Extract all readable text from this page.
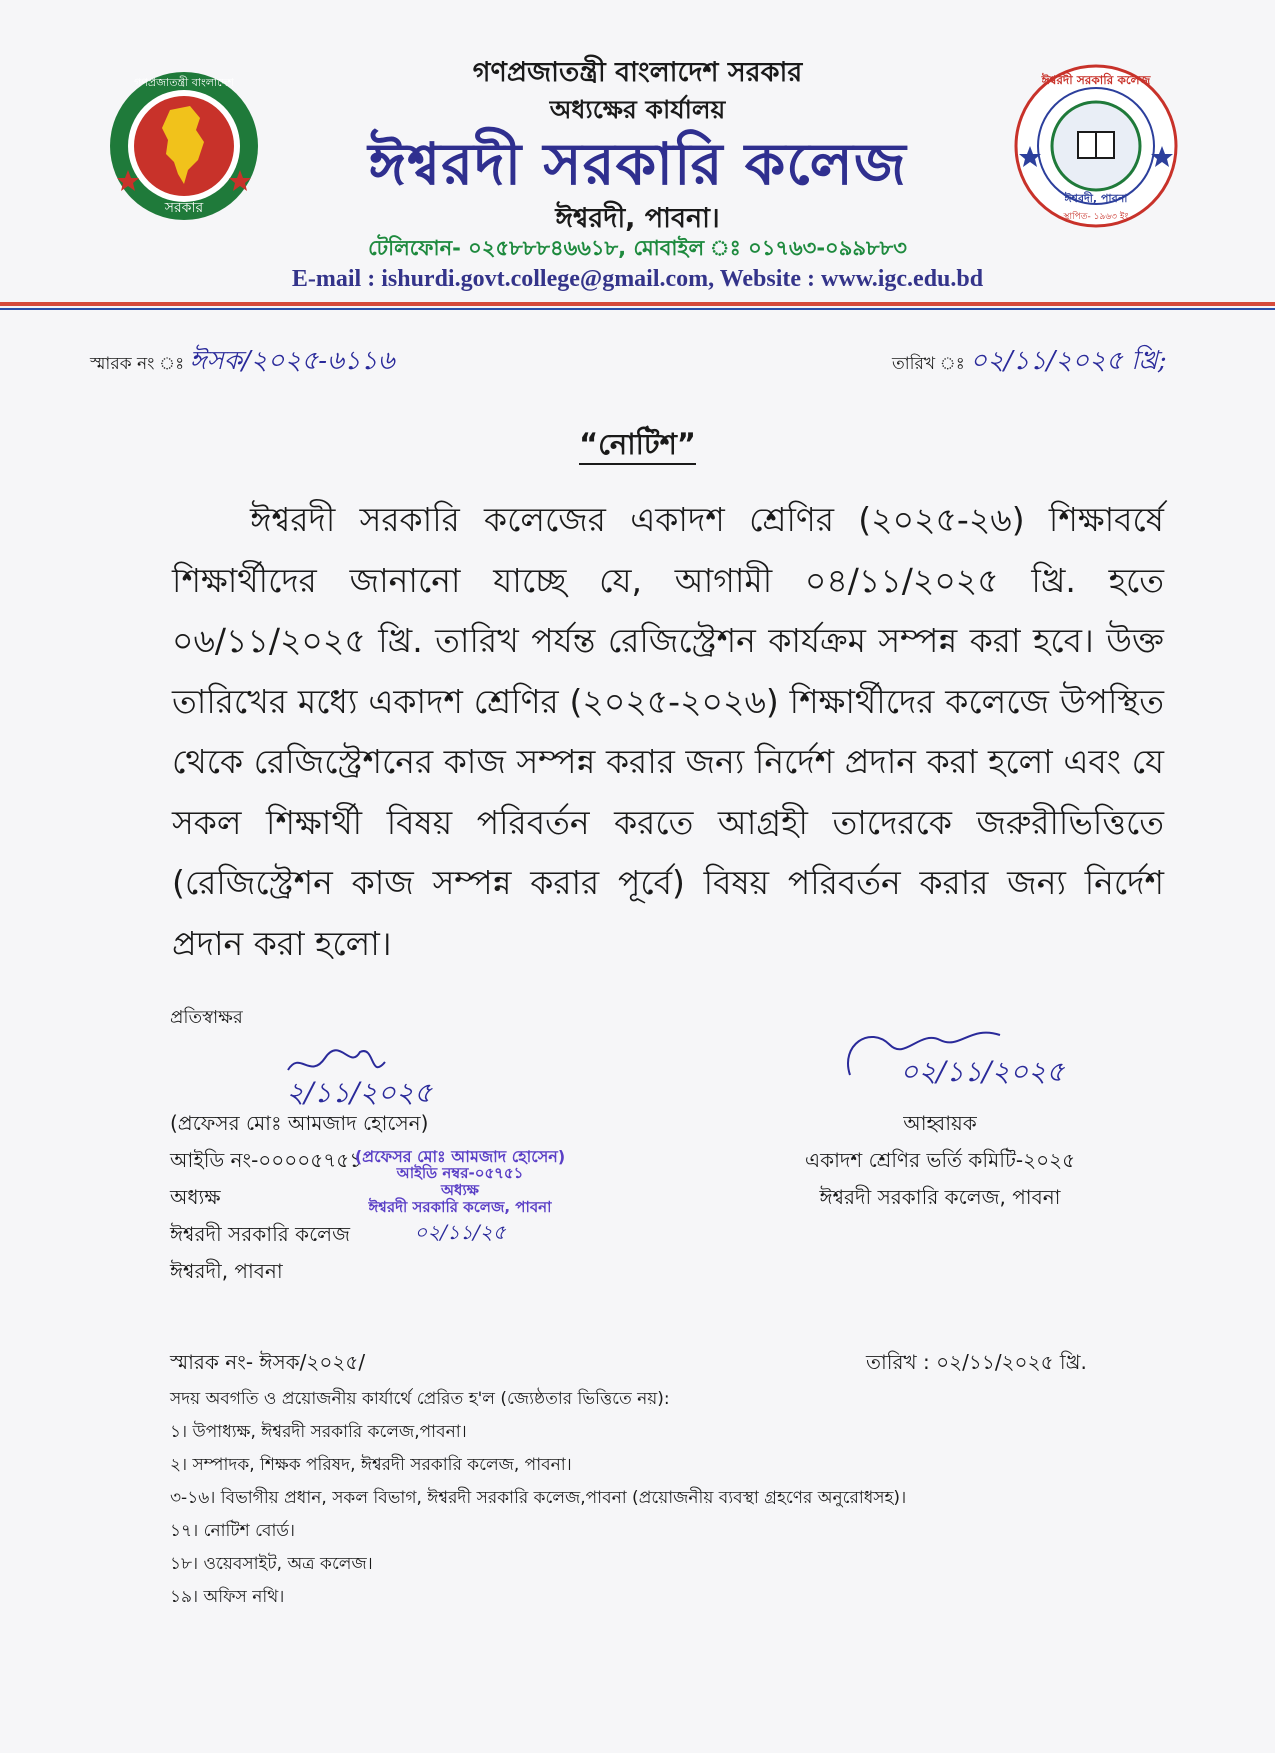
সরকার
গণপ্রজাতন্ত্রী বাংলাদেশ	ঈশ্বরদী সরকারি কলেজ
ঈশ্বরদী, পাবনা
স্থাপিত- ১৯৬৩ ইং
গণপ্রজাতন্ত্রী বাংলাদেশ সরকার
অধ্যক্ষের কার্যালয়
ঈশ্বরদী সরকারি কলেজ
ঈশ্বরদী, পাবনা।
টেলিফোন- ০২৫৮৮৮৪৬৬১৮, মোবাইল ঃ ০১৭৬৩-০৯৯৮৮৩
E-mail : ishurdi.govt.college@gmail.com, Website : www.igc.edu.bd
স্মারক নং ঃ ঈসক/২০২৫-৬১১৬	তারিখ ঃ ০২/১১/২০২৫ খ্রি;
“নোটিশ”
ঈশ্বরদী সরকারি কলেজের একাদশ শ্রেণির (২০২৫-২৬) শিক্ষাবর্ষে শিক্ষার্থীদের জানানো যাচ্ছে যে, আগামী ০৪/১১/২০২৫ খ্রি. হতে ০৬/১১/২০২৫ খ্রি. তারিখ পর্যন্ত রেজিস্ট্রেশন কার্যক্রম সম্পন্ন করা হবে। উক্ত তারিখের মধ্যে একাদশ শ্রেণির (২০২৫-২০২৬) শিক্ষার্থীদের কলেজে উপস্থিত থেকে রেজিস্ট্রেশনের কাজ সম্পন্ন করার জন্য নির্দেশ প্রদান করা হলো এবং যে সকল শিক্ষার্থী বিষয় পরিবর্তন করতে আগ্রহী তাদেরকে জরুরীভিত্তিতে (রেজিস্ট্রেশন কাজ সম্পন্ন করার পূর্বে) বিষয় পরিবর্তন করার জন্য নির্দেশ প্রদান করা হলো।
প্রতিস্বাক্ষর
২/১১/২০২৫
(প্রফেসর মোঃ আমজাদ হোসেন)
আইডি নং-০০০০৫৭৫১
অধ্যক্ষ
ঈশ্বরদী সরকারি কলেজ
ঈশ্বরদী, পাবনা
(প্রফেসর মোঃ আমজাদ হোসেন)
আইডি নম্বর-০৫৭৫১
অধ্যক্ষ
ঈশ্বরদী সরকারি কলেজ, পাবনা
০২/১১/২৫
০২/১১/২০২৫
আহ্বায়ক
একাদশ শ্রেণির ভর্তি কমিটি-২০২৫
ঈশ্বরদী সরকারি কলেজ, পাবনা
স্মারক নং- ঈসক/২০২৫/	তারিখ : ০২/১১/২০২৫ খ্রি.
সদয় অবগতি ও প্রয়োজনীয় কার্যার্থে প্রেরিত হ'ল (জ্যেষ্ঠতার ভিত্তিতে নয়):
১। উপাধ্যক্ষ, ঈশ্বরদী সরকারি কলেজ,পাবনা।
২। সম্পাদক, শিক্ষক পরিষদ, ঈশ্বরদী সরকারি কলেজ, পাবনা।
৩-১৬। বিভাগীয় প্রধান, সকল বিভাগ, ঈশ্বরদী সরকারি কলেজ,পাবনা (প্রয়োজনীয় ব্যবস্থা গ্রহণের অনুরোধসহ)।
১৭। নোটিশ বোর্ড।
১৮। ওয়েবসাইট, অত্র কলেজ।
১৯। অফিস নথি।
